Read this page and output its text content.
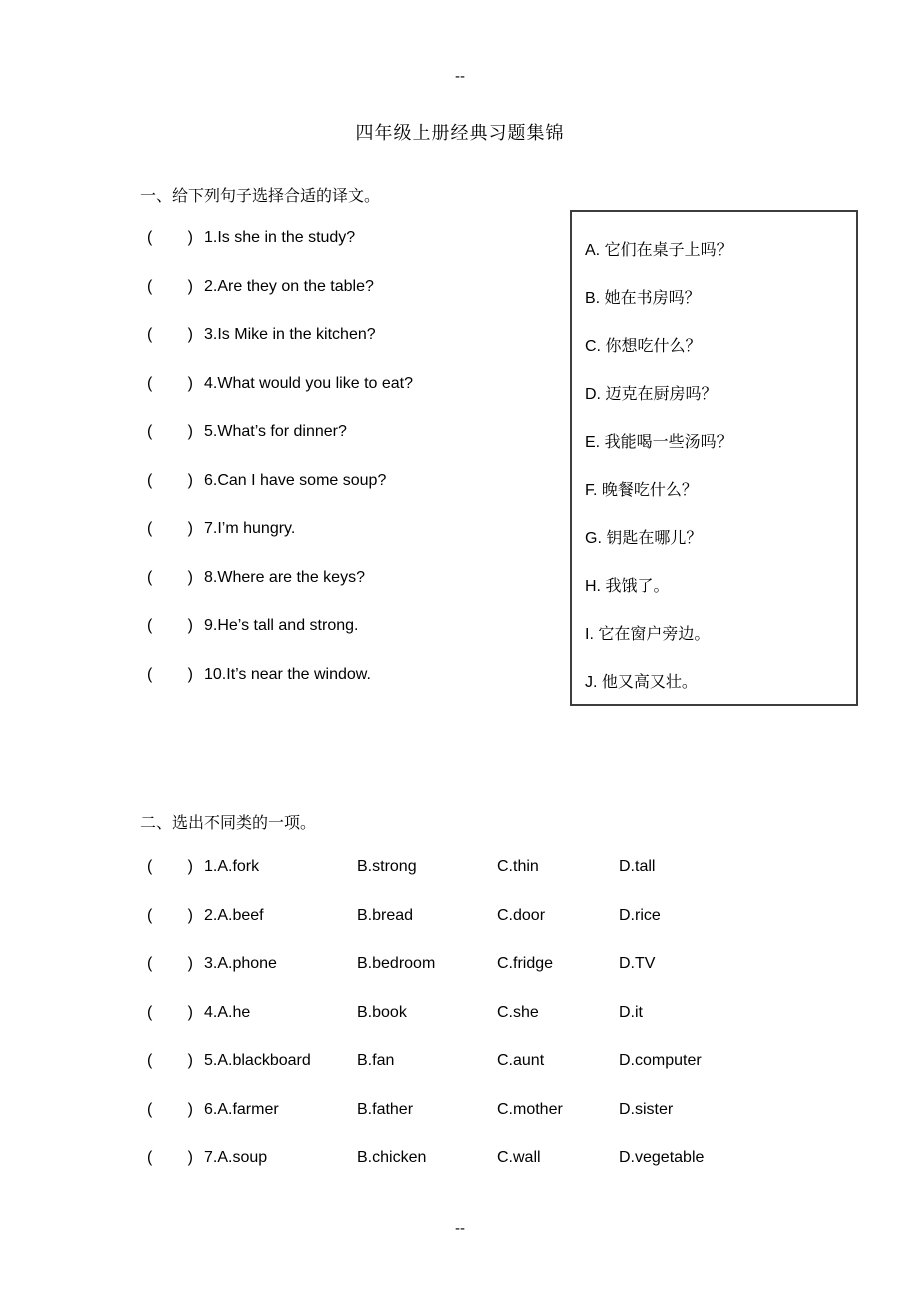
--
四年级上册经典习题集锦
一、给下列句子选择合适的译文。
( ) 1.Is she in the study?
( ) 2.Are they on the table?
( ) 3.Is Mike in the kitchen?
( ) 4.What would you like to eat?
( ) 5.What’s for dinner?
( ) 6.Can I have some soup?
( ) 7.I’m hungry.
( ) 8.Where are the keys?
( ) 9.He’s tall and strong.
( ) 10.It’s near the window.
A. 它们在桌子上吗？
B. 她在书房吗？
C. 你想吃什么？
D. 迈克在厨房吗？
E. 我能喝一些汤吗？
F. 晚餐吃什么？
G. 钥匙在哪儿？
H. 我饿了。
I. 它在窗户旁边。
J. 他又高又壮。
二、选出不同类的一项。
( ) 1.A.fork	B.strong	C.thin	D.tall
( ) 2.A.beef	B.bread	C.door	D.rice
( ) 3.A.phone	B.bedroom	C.fridge	D.TV
( ) 4.A.he	B.book	C.she	D.it
( ) 5.A.blackboard	B.fan	C.aunt	D.computer
( ) 6.A.farmer	B.father	C.mother	D.sister
( ) 7.A.soup	B.chicken	C.wall	D.vegetable
--
